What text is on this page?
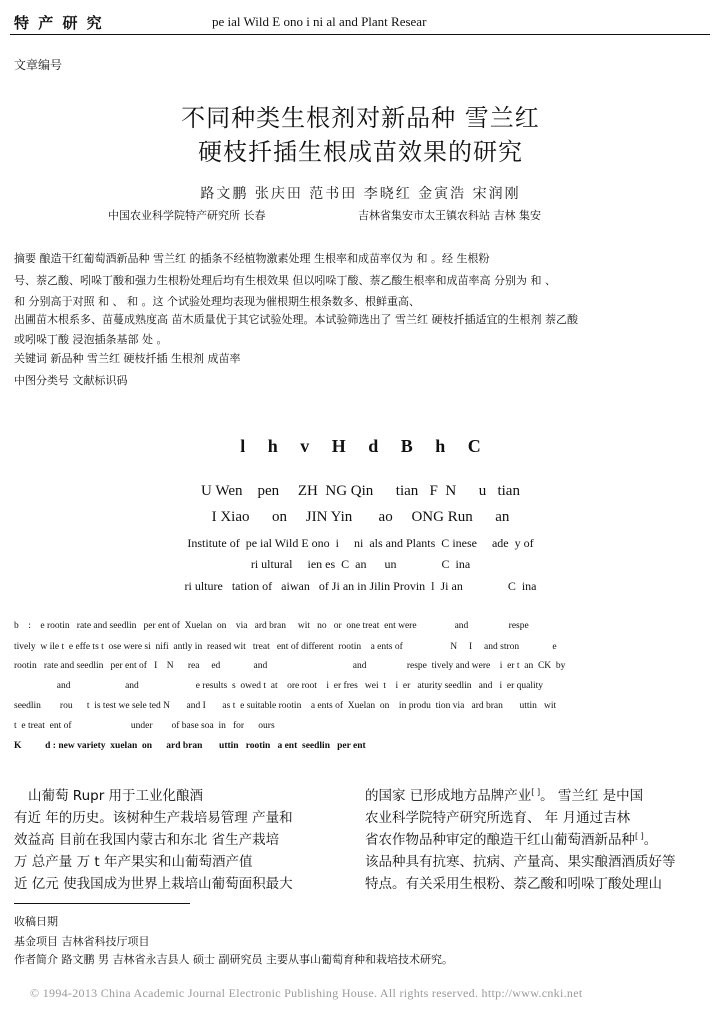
特 产 研 究	pe ial Wild E ono i ni al and Plant Resear
文章编号
不同种类生根剂对新品种 雪兰红
硬枝扦插生根成苗效果的研究
路文鹏 张庆田 范书田 李晓红 金寅浩 宋润刚
中国农业科学院特产研究所 长春	吉林省集安市太王镇农科站 吉林 集安
摘要 酿造干红葡萄酒新品种 雪兰红 的插条不经植物激素处理 生根率和成苗率仅为 和 。经 生根粉
号、萘乙酸、吲哚丁酸和强力生根粉处理后均有生根效果 但以吲哚丁酸、萘乙酸生根率和成苗率高 分别为 和 、
和 分别高于对照 和 、 和 。这 个试验处理均表现为催根期生根条数多、根鲜重高、
出圃苗木根系多、苗蔓成熟度高 苗木质量优于其它试验处理。本试验筛选出了 雪兰红 硬枝扦插适宜的生根剂 萘乙酸
或吲哚丁酸 浸泡插条基部 处 。
关键词 新品种 雪兰红 硬枝扦插 生根剂 成苗率
中图分类号 文献标识码
l h v H d B h C
U Wen    pen     ZH  NG Qin      tian   F  N      u   tian
I Xiao      on     JIN Yin       ao     ONG Run      an
Institute of  pe ial Wild E ono  i     ni  als and Plants  C inese     ade  y of
ri ultural     ien es  C  an      un               C  ina
ri ulture   tation of   aiwan   of Ji an in Jilin Provin  l  Ji an               C  ina
b    :    e rootin   rate and seedlin   per ent of  Xuelan  on    via   ard bran     wit   no   or  one treat  ent were                and                 respe
tively  w ile t  e effe ts t  ose were si  nifi  antly in  reased wit   treat   ent of different  rootin    a ents of                    N     I     and stron              e
rootin   rate and seedlin   per ent of   I    N      rea     ed              and                                    and                 respe  tively and were    i  er t  an  CK  by
and                       and                        e results  s  owed t  at    ore root    i  er fres   wei  t    i  er   aturity seedlin   and   i  er quality
seedlin        rou      t  is test we sele ted N       and I       as t  e suitable rootin    a ents of  Xuelan  on    in produ  tion via   ard bran       uttin   wit
t  e treat  ent of                         under        of base soa  in   for      ours
K          d : new variety  xuelan  on      ard bran       uttin   rootin   a ent  seedlin   per ent
山葡萄 Rupr 用于工业化酿酒
有近 年的历史。该树种生产栽培易管理 产量和
效益高 目前在我国内蒙古和东北 省生产栽培
万 总产量 万 t 年产果实和山葡萄酒产值
近 亿元 使我国成为世界上栽培山葡萄面积最大
的国家 已形成地方品牌产业[ ]。 雪兰红 是中国
农业科学院特产研究所选育、 年 月通过吉林
省农作物品种审定的酿造干红山葡萄酒新品种[ ]。
该品种具有抗寒、抗病、产量高、果实酿酒酒质好等
特点。有关采用生根粉、萘乙酸和吲哚丁酸处理山
收稿日期
基金项目 吉林省科技厅项目
作者简介 路文鹏 男 吉林省永吉县人 硕士 副研究员 主要从事山葡萄育种和栽培技术研究。
© 1994-2013 China Academic Journal Electronic Publishing House. All rights reserved. http://www.cnki.net
